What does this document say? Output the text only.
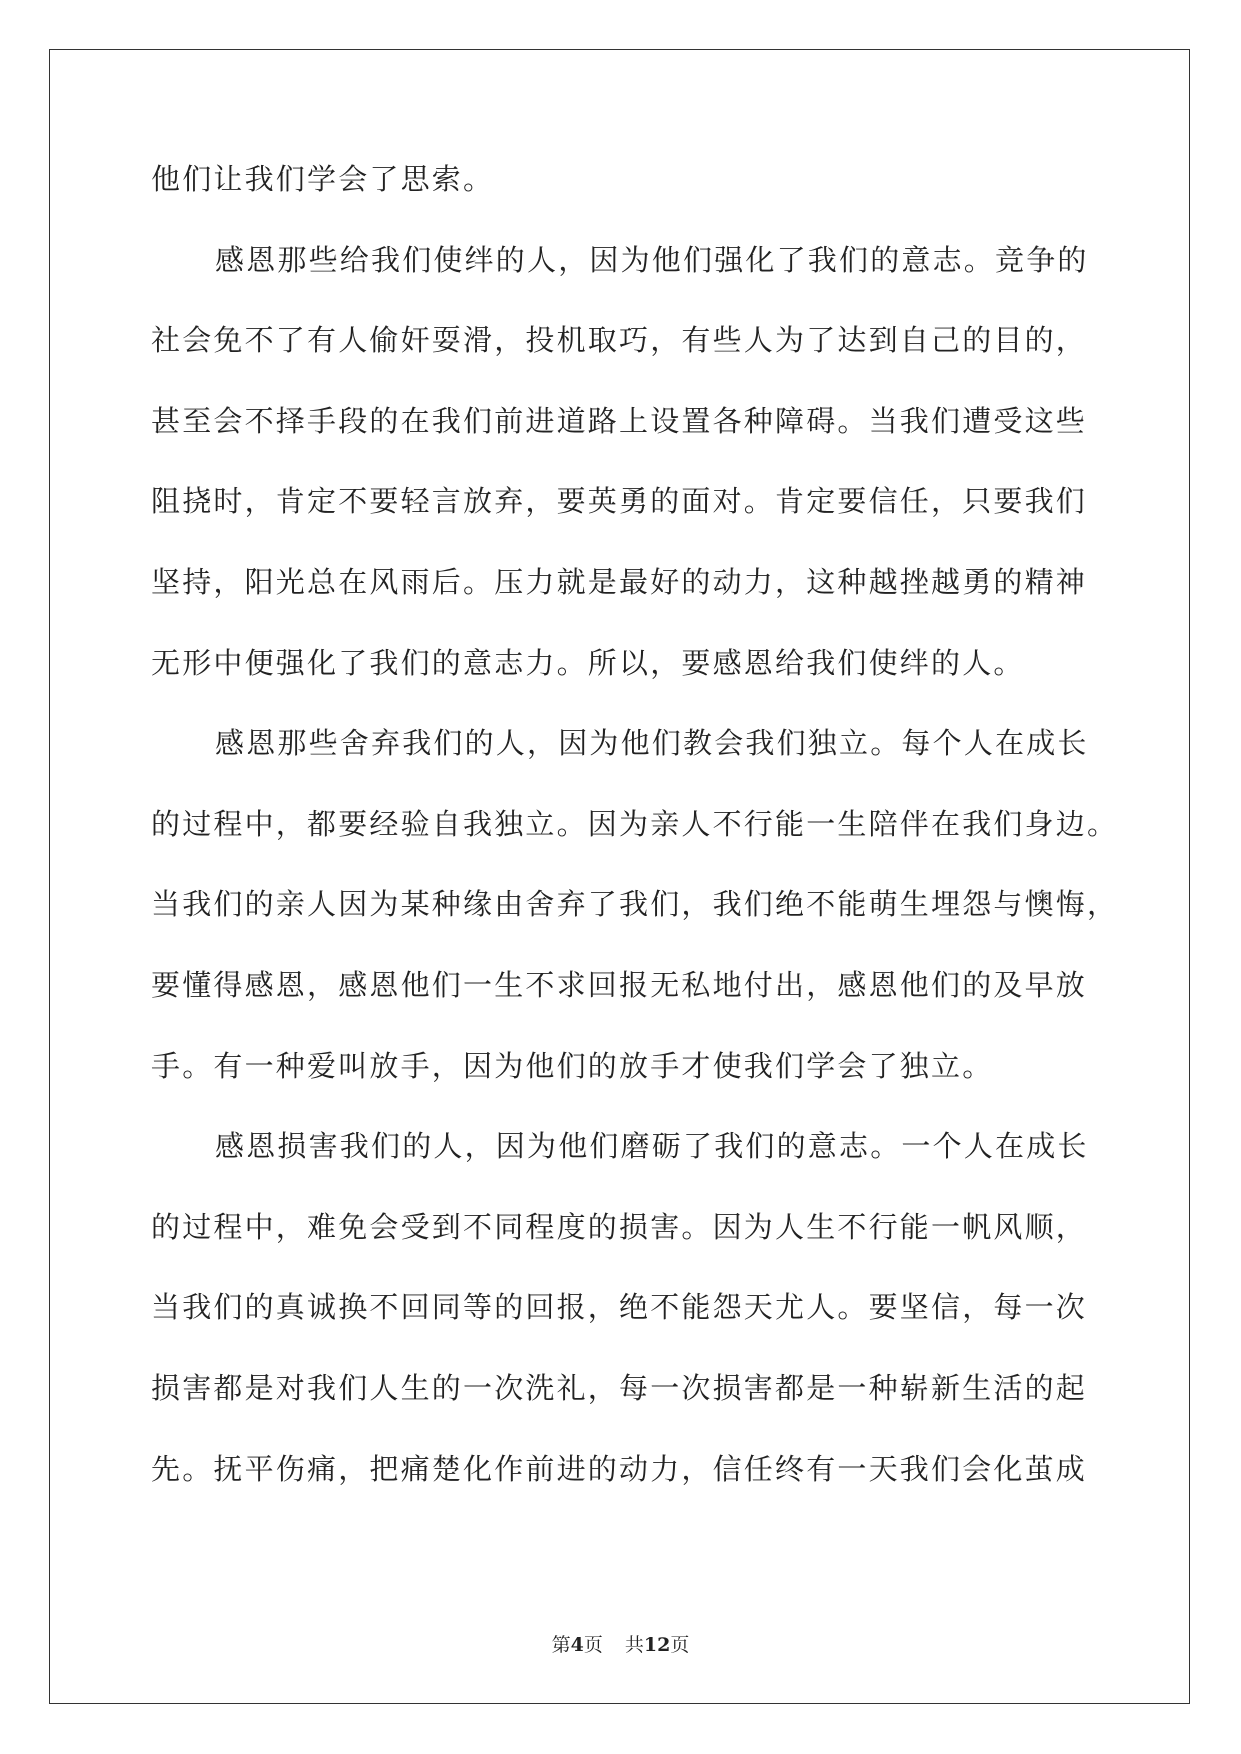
他们让我们学会了思索。
感恩那些给我们使绊的人，因为他们强化了我们的意志。竞争的
社会免不了有人偷奸耍滑，投机取巧，有些人为了达到自己的目的，
甚至会不择手段的在我们前进道路上设置各种障碍。当我们遭受这些
阻挠时，肯定不要轻言放弃，要英勇的面对。肯定要信任，只要我们
坚持，阳光总在风雨后。压力就是最好的动力，这种越挫越勇的精神
无形中便强化了我们的意志力。所以，要感恩给我们使绊的人。
感恩那些舍弃我们的人，因为他们教会我们独立。每个人在成长
的过程中，都要经验自我独立。因为亲人不行能一生陪伴在我们身边。
当我们的亲人因为某种缘由舍弃了我们，我们绝不能萌生埋怨与懊悔，
要懂得感恩，感恩他们一生不求回报无私地付出，感恩他们的及早放
手。有一种爱叫放手，因为他们的放手才使我们学会了独立。
感恩损害我们的人，因为他们磨砺了我们的意志。一个人在成长
的过程中，难免会受到不同程度的损害。因为人生不行能一帆风顺，
当我们的真诚换不回同等的回报，绝不能怨天尤人。要坚信，每一次
损害都是对我们人生的一次洗礼，每一次损害都是一种崭新生活的起
先。抚平伤痛，把痛楚化作前进的动力，信任终有一天我们会化茧成
第4页 共12页
